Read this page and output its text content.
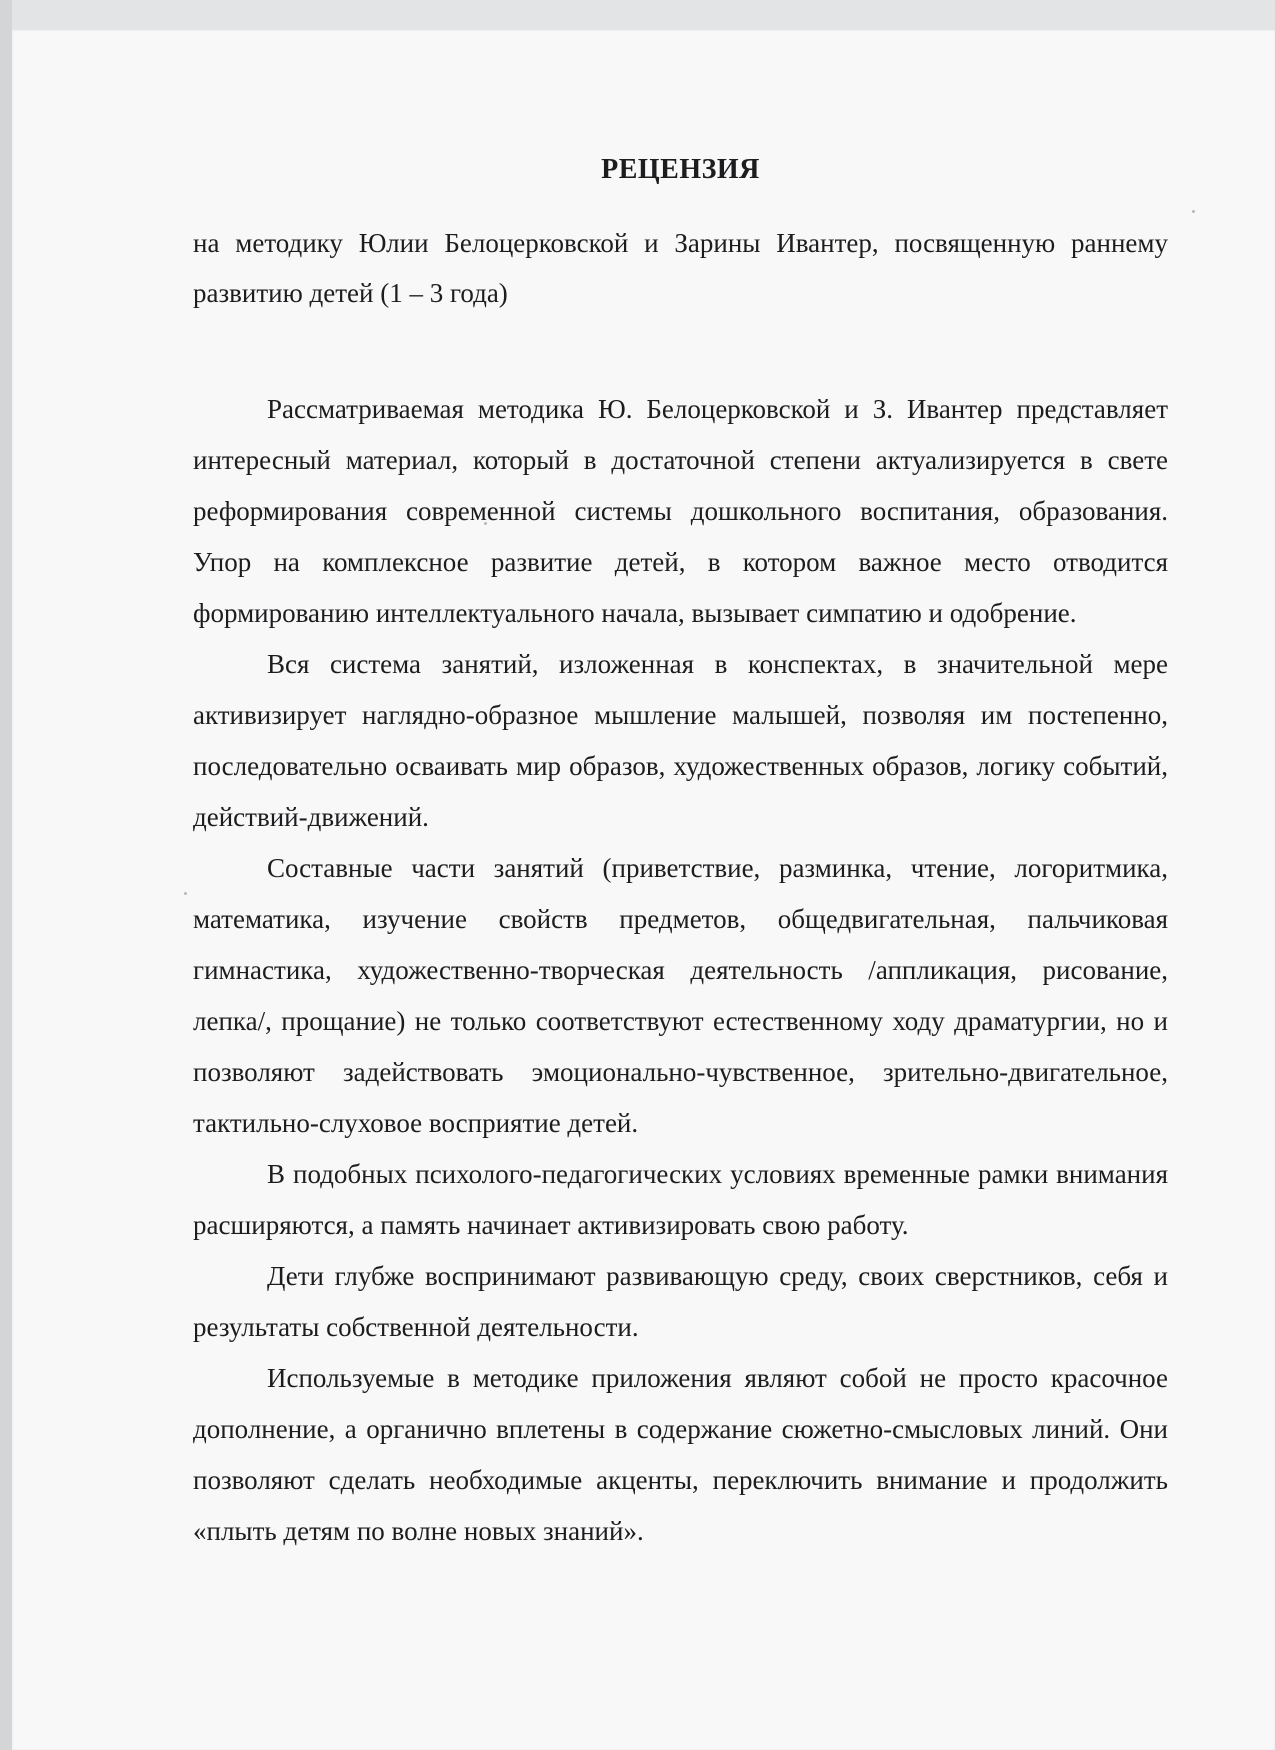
РЕЦЕНЗИЯ
на методику Юлии Белоцерковской и Зарины Ивантер, посвященную раннему развитию детей (1 – 3 года)

Рассматриваемая методика Ю. Белоцерковской и З. Ивантер представляет интересный материал, который в достаточной степени актуализируется в свете реформирования современной системы дошкольного воспитания, образования. Упор на комплексное развитие детей, в котором важное место отводится формированию интеллектуального начала, вызывает симпатию и одобрение.

Вся система занятий, изложенная в конспектах, в значительной мере активизирует наглядно-образное мышление малышей, позволяя им постепенно, последовательно осваивать мир образов, художественных образов, логику событий, действий-движений.

Составные части занятий (приветствие, разминка, чтение, логоритмика, математика, изучение свойств предметов, общедвигательная, пальчиковая гимнастика, художественно-творческая деятельность /аппликация, рисование, лепка/, прощание) не только соответствуют естественному ходу драматургии, но и позволяют задействовать эмоционально-чувственное, зрительно-двигательное, тактильно-слуховое восприятие детей.

В подобных психолого-педагогических условиях временные рамки внимания расширяются, а память начинает активизировать свою работу.

Дети глубже воспринимают развивающую среду, своих сверстников, себя и результаты собственной деятельности.

Используемые в методике приложения являют собой не просто красочное дополнение, а органично вплетены в содержание сюжетно-смысловых линий. Они позволяют сделать необходимые акценты, переключить внимание и продолжить «плыть детям по волне новых знаний».
